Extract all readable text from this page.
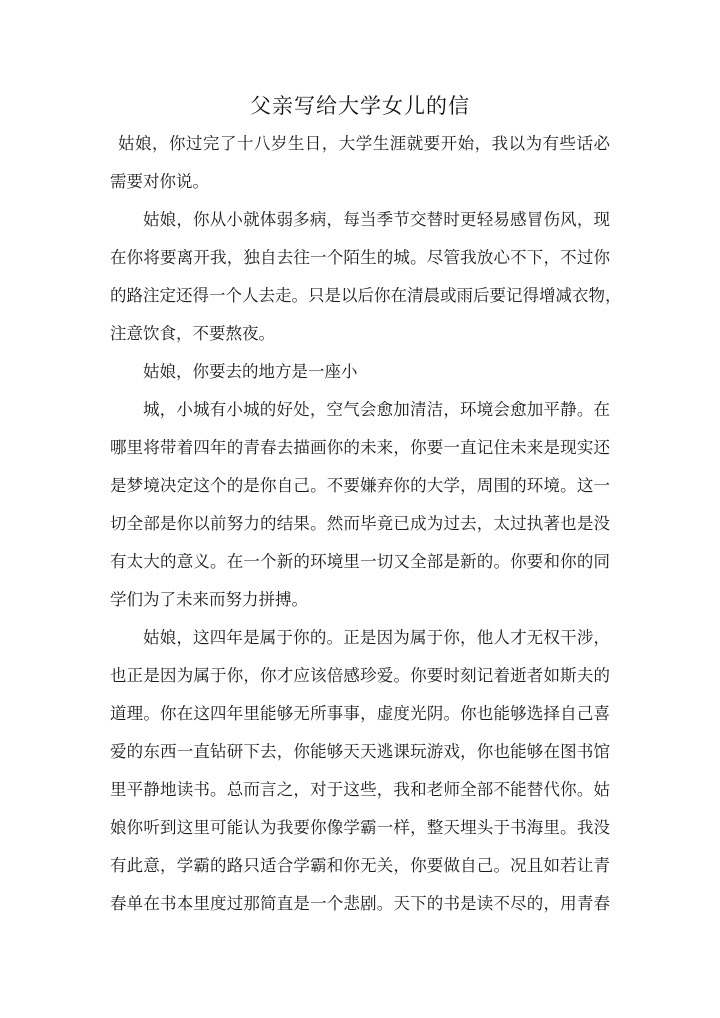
父亲写给大学女儿的信
姑娘，你过完了十八岁生日，大学生涯就要开始，我以为有些话必
需要对你说。
姑娘，你从小就体弱多病，每当季节交替时更轻易感冒伤风，现
在你将要离开我，独自去往一个陌生的城。尽管我放心不下，不过你
的路注定还得一个人去走。只是以后你在清晨或雨后要记得增减衣物，
注意饮食，不要熬夜。
姑娘，你要去的地方是一座小
城，小城有小城的好处，空气会愈加清洁，环境会愈加平静。在
哪里将带着四年的青春去描画你的未来，你要一直记住未来是现实还
是梦境决定这个的是你自己。不要嫌弃你的大学，周围的环境。这一
切全部是你以前努力的结果。然而毕竟已成为过去，太过执著也是没
有太大的意义。在一个新的环境里一切又全部是新的。你要和你的同
学们为了未来而努力拼搏。
姑娘，这四年是属于你的。正是因为属于你，他人才无权干涉，
也正是因为属于你，你才应该倍感珍爱。你要时刻记着逝者如斯夫的
道理。你在这四年里能够无所事事，虚度光阴。你也能够选择自己喜
爱的东西一直钻研下去，你能够天天逃课玩游戏，你也能够在图书馆
里平静地读书。总而言之，对于这些，我和老师全部不能替代你。姑
娘你听到这里可能认为我要你像学霸一样，整天埋头于书海里。我没
有此意，学霸的路只适合学霸和你无关，你要做自己。况且如若让青
春单在书本里度过那简直是一个悲剧。天下的书是读不尽的，用青春
